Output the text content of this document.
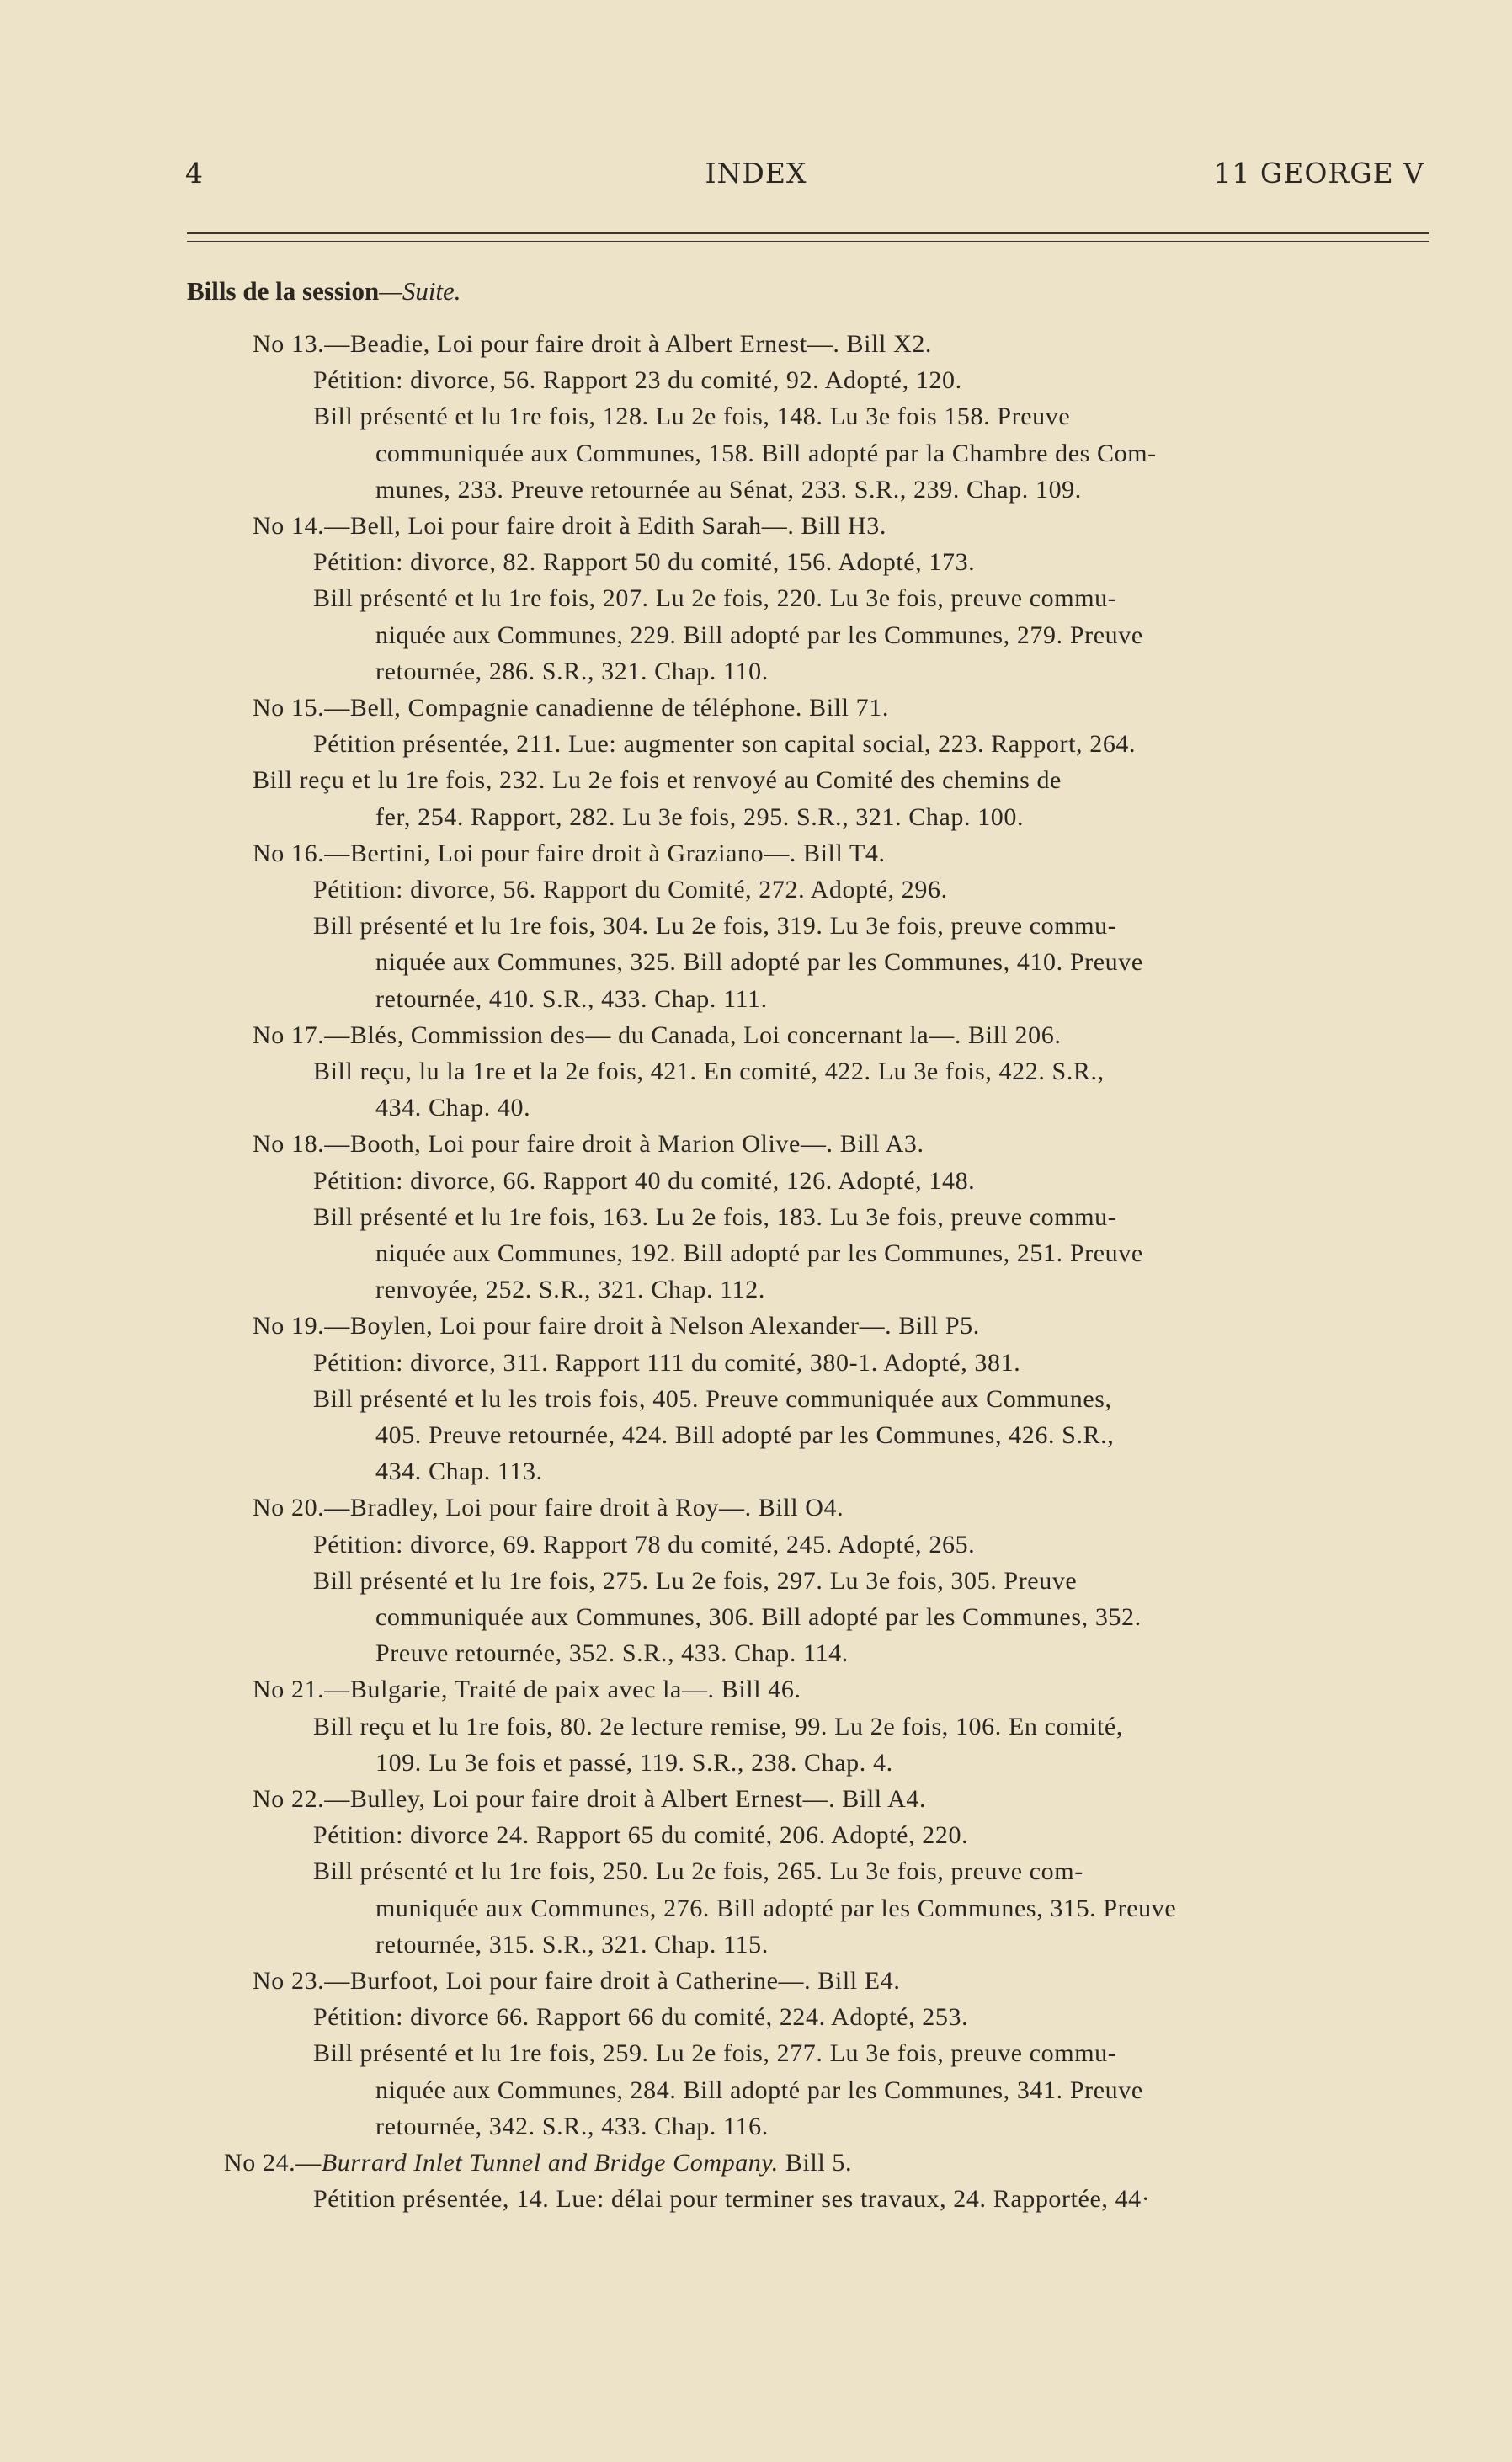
4	INDEX	11 GEORGE V
Bills de la session—Suite.
No 13.—Beadie, Loi pour faire droit à Albert Ernest—. Bill X2.
Pétition: divorce, 56. Rapport 23 du comité, 92. Adopté, 120.
Bill présenté et lu 1re fois, 128. Lu 2e fois, 148. Lu 3e fois 158. Preuve
communiquée aux Communes, 158. Bill adopté par la Chambre des Com-
munes, 233. Preuve retournée au Sénat, 233. S.R., 239. Chap. 109.
No 14.—Bell, Loi pour faire droit à Edith Sarah—. Bill H3.
Pétition: divorce, 82. Rapport 50 du comité, 156. Adopté, 173.
Bill présenté et lu 1re fois, 207. Lu 2e fois, 220. Lu 3e fois, preuve commu-
niquée aux Communes, 229. Bill adopté par les Communes, 279. Preuve
retournée, 286. S.R., 321. Chap. 110.
No 15.—Bell, Compagnie canadienne de téléphone. Bill 71.
Pétition présentée, 211. Lue: augmenter son capital social, 223. Rapport, 264.
Bill reçu et lu 1re fois, 232. Lu 2e fois et renvoyé au Comité des chemins de
fer, 254. Rapport, 282. Lu 3e fois, 295. S.R., 321. Chap. 100.
No 16.—Bertini, Loi pour faire droit à Graziano—. Bill T4.
Pétition: divorce, 56. Rapport du Comité, 272. Adopté, 296.
Bill présenté et lu 1re fois, 304. Lu 2e fois, 319. Lu 3e fois, preuve commu-
niquée aux Communes, 325. Bill adopté par les Communes, 410. Preuve
retournée, 410. S.R., 433. Chap. 111.
No 17.—Blés, Commission des— du Canada, Loi concernant la—. Bill 206.
Bill reçu, lu la 1re et la 2e fois, 421. En comité, 422. Lu 3e fois, 422. S.R.,
434. Chap. 40.
No 18.—Booth, Loi pour faire droit à Marion Olive—. Bill A3.
Pétition: divorce, 66. Rapport 40 du comité, 126. Adopté, 148.
Bill présenté et lu 1re fois, 163. Lu 2e fois, 183. Lu 3e fois, preuve commu-
niquée aux Communes, 192. Bill adopté par les Communes, 251. Preuve
renvoyée, 252. S.R., 321. Chap. 112.
No 19.—Boylen, Loi pour faire droit à Nelson Alexander—. Bill P5.
Pétition: divorce, 311. Rapport 111 du comité, 380-1. Adopté, 381.
Bill présenté et lu les trois fois, 405. Preuve communiquée aux Communes,
405. Preuve retournée, 424. Bill adopté par les Communes, 426. S.R.,
434. Chap. 113.
No 20.—Bradley, Loi pour faire droit à Roy—. Bill O4.
Pétition: divorce, 69. Rapport 78 du comité, 245. Adopté, 265.
Bill présenté et lu 1re fois, 275. Lu 2e fois, 297. Lu 3e fois, 305. Preuve
communiquée aux Communes, 306. Bill adopté par les Communes, 352.
Preuve retournée, 352. S.R., 433. Chap. 114.
No 21.—Bulgarie, Traité de paix avec la—. Bill 46.
Bill reçu et lu 1re fois, 80. 2e lecture remise, 99. Lu 2e fois, 106. En comité,
109. Lu 3e fois et passé, 119. S.R., 238. Chap. 4.
No 22.—Bulley, Loi pour faire droit à Albert Ernest—. Bill A4.
Pétition: divorce 24. Rapport 65 du comité, 206. Adopté, 220.
Bill présenté et lu 1re fois, 250. Lu 2e fois, 265. Lu 3e fois, preuve com-
muniquée aux Communes, 276. Bill adopté par les Communes, 315. Preuve
retournée, 315. S.R., 321. Chap. 115.
No 23.—Burfoot, Loi pour faire droit à Catherine—. Bill E4.
Pétition: divorce 66. Rapport 66 du comité, 224. Adopté, 253.
Bill présenté et lu 1re fois, 259. Lu 2e fois, 277. Lu 3e fois, preuve commu-
niquée aux Communes, 284. Bill adopté par les Communes, 341. Preuve
retournée, 342. S.R., 433. Chap. 116.
No 24.—Burrard Inlet Tunnel and Bridge Company. Bill 5.
Pétition présentée, 14. Lue: délai pour terminer ses travaux, 24. Rapportée, 44·
